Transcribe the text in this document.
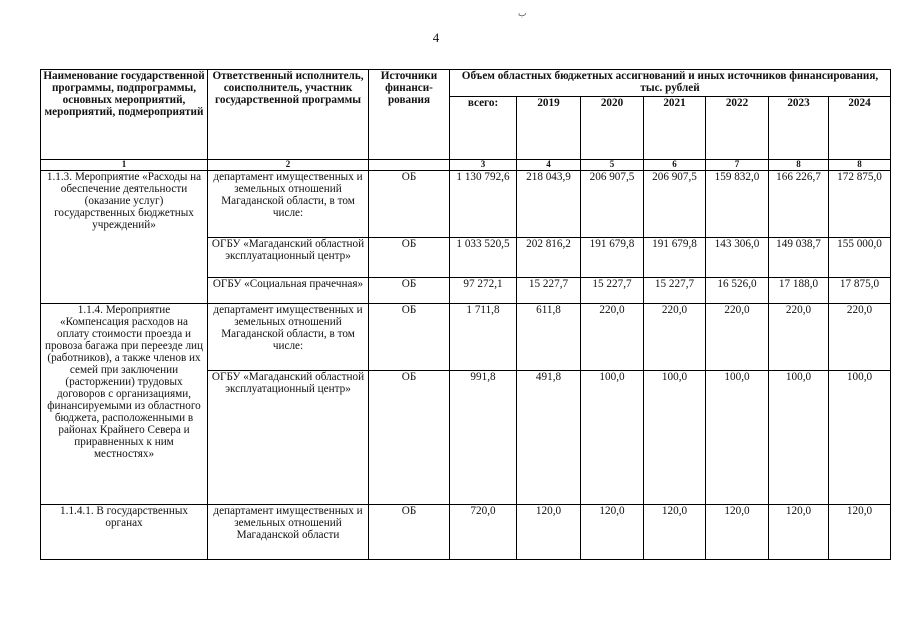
4
ب
Наименование государственной программы, подпрограммы, основных мероприятий, мероприятий, подмероприятий	Ответственный исполнитель, соисполнитель, участник государственной программы	Источники финанси-рования	Объем областных бюджетных ассигнований и иных источников финансирования, тыс. рублей						
			всего:	2019	2020	2021	2022	2023	2024
1	2		3	4	5	6	7	8	8
1.1.3. Мероприятие «Расходы на обеспечение деятельности (оказание услуг) государственных бюджетных учреждений»	департамент имущественных и земельных отношений Магаданской области, в том числе:	ОБ	1 130 792,6	218 043,9	206 907,5	206 907,5	159 832,0	166 226,7	172 875,0
	ОГБУ «Магаданский областной эксплуатационный центр»	ОБ	1 033 520,5	202 816,2	191 679,8	191 679,8	143 306,0	149 038,7	155 000,0
	ОГБУ «Социальная прачечная»	ОБ	97 272,1	15 227,7	15 227,7	15 227,7	16 526,0	17 188,0	17 875,0
1.1.4. Мероприятие «Компенсация расходов на оплату стоимости проезда и провоза багажа при переезде лиц (работников), а также членов их семей при заключении (расторжении) трудовых договоров с организациями, финансируемыми из областного бюджета, расположенными в районах Крайнего Севера и приравненных к ним местностях»	департамент имущественных и земельных отношений Магаданской области, в том числе:	ОБ	1 711,8	611,8	220,0	220,0	220,0	220,0	220,0
	ОГБУ «Магаданский областной эксплуатационный центр»	ОБ	991,8	491,8	100,0	100,0	100,0	100,0	100,0
1.1.4.1. В государственных органах	департамент имущественных и земельных отношений Магаданской области	ОБ	720,0	120,0	120,0	120,0	120,0	120,0	120,0
